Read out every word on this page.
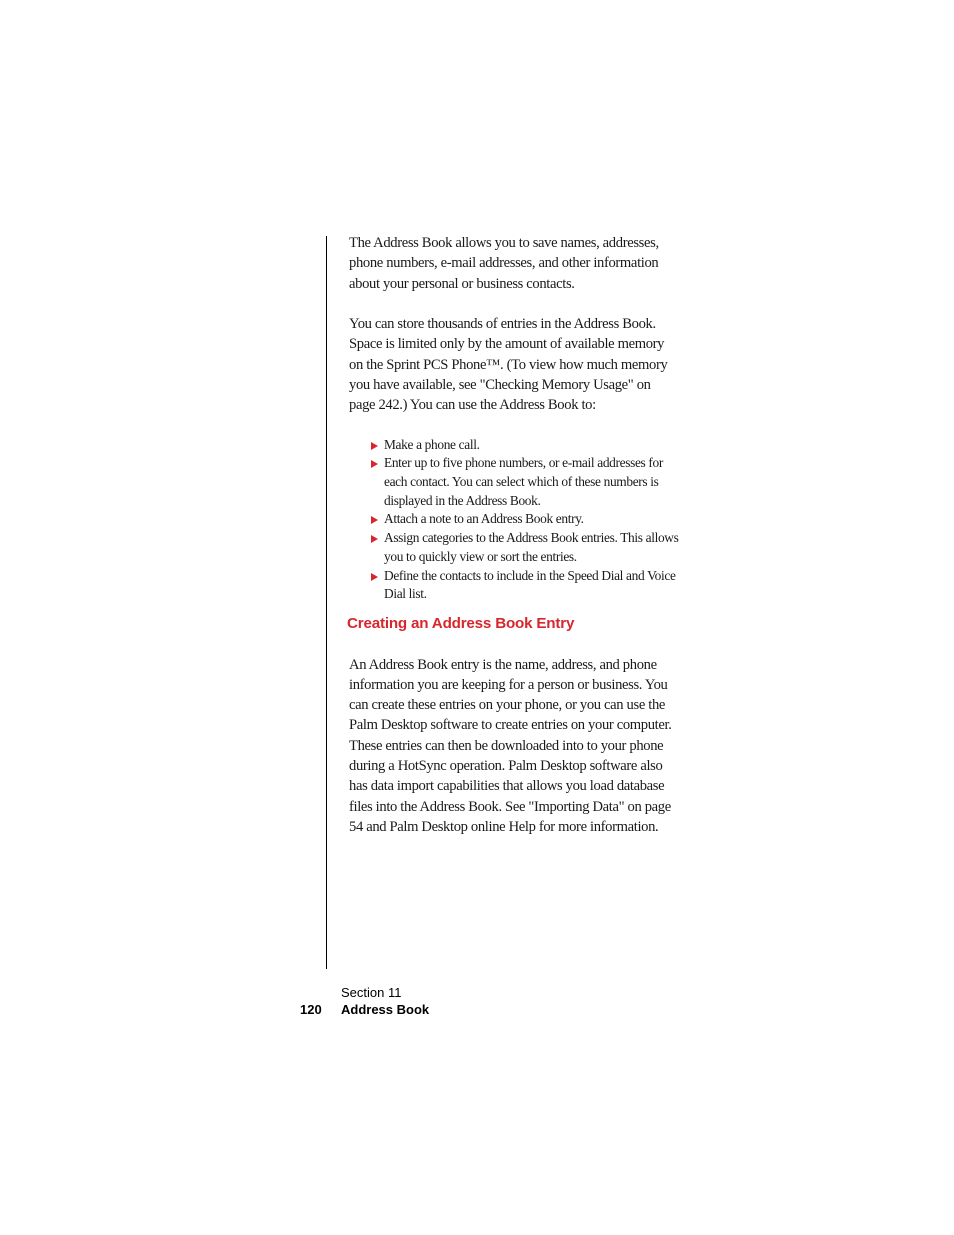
The Address Book allows you to save names, addresses, phone numbers, e-mail addresses, and other information about your personal or business contacts.

You can store thousands of entries in the Address Book. Space is limited only by the amount of available memory on the Sprint PCS Phone™. (To view how much memory you have available, see "Checking Memory Usage" on page 242.) You can use the Address Book to:

Make a phone call.
Enter up to five phone numbers, or e-mail addresses for each contact. You can select which of these numbers is displayed in the Address Book.
Attach a note to an Address Book entry.
Assign categories to the Address Book entries. This allows you to quickly view or sort the entries.
Define the contacts to include in the Speed Dial and Voice Dial list.
Creating an Address Book Entry

An Address Book entry is the name, address, and phone information you are keeping for a person or business. You can create these entries on your phone, or you can use the Palm Desktop software to create entries on your computer. These entries can then be downloaded into to your phone during a HotSync operation. Palm Desktop software also has data import capabilities that allows you load database files into the Address Book. See "Importing Data" on page 54 and Palm Desktop online Help for more information.

Section 11
120 Address Book
